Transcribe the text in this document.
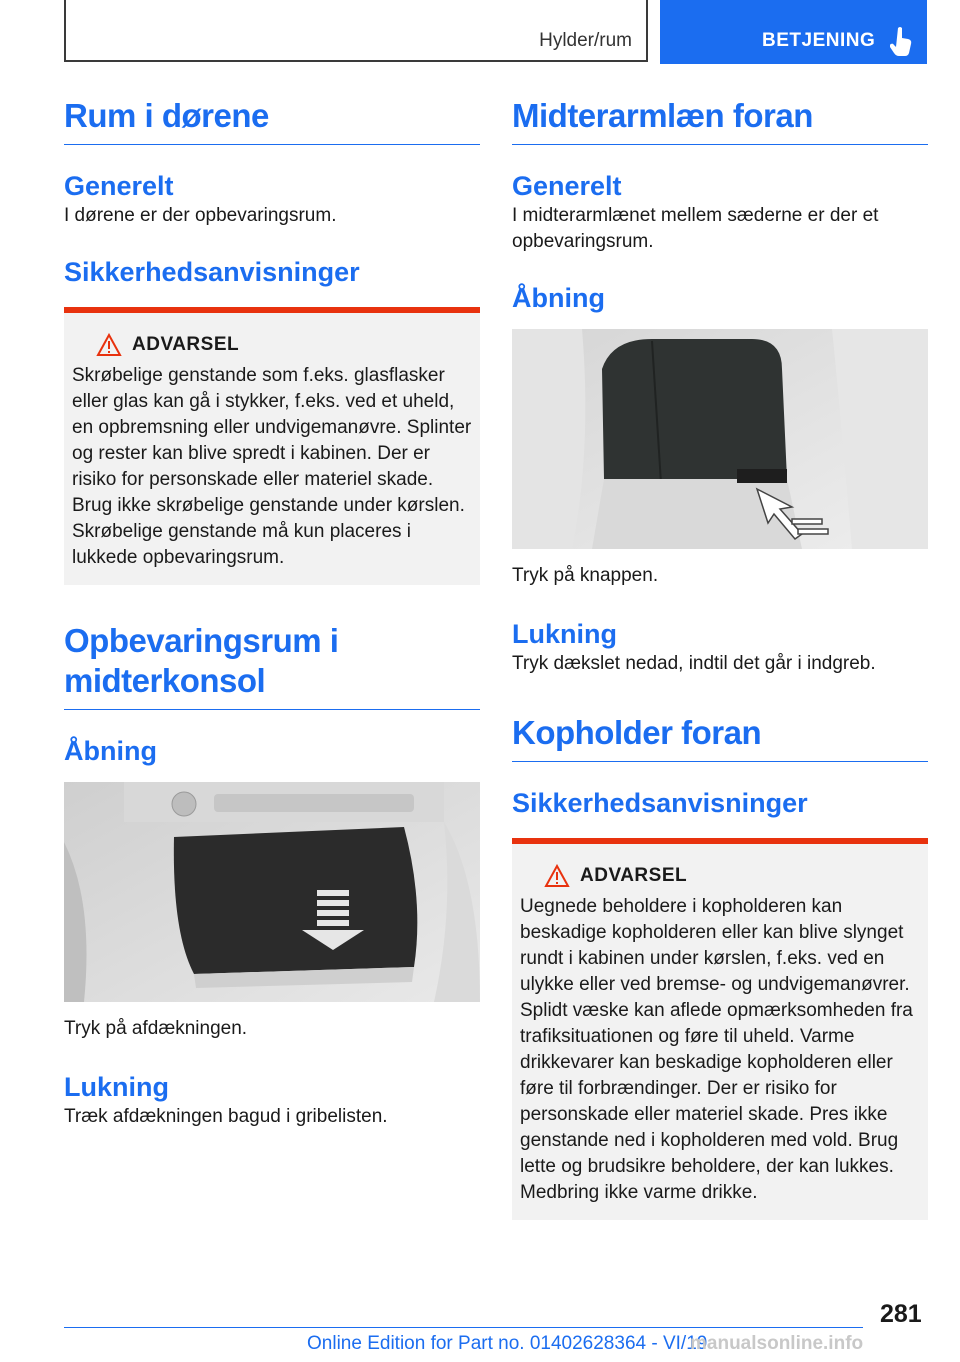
Hylder/rum	BETJENING
Rum i dørene
Generelt

I dørene er der opbevaringsrum.

Sikkerhedsanvisninger
ADVARSEL

Skrøbelige genstande som f.eks. glasflasker eller glas kan gå i stykker, f.eks. ved et uheld, en opbremsning eller undvigemanøvre. Splinter og rester kan blive spredt i kabinen. Der er risiko for personskade eller materiel skade. Brug ikke skrøbelige genstande under kørslen. Skrøbelige genstande må kun placeres i lukkede opbevaringsrum.

Opbevaringsrum i midterkonsol
Åbning

Tryk på afdækningen.

Lukning

Træk afdækningen bagud i gribelisten.

Midterarmlæn foran
Generelt

I midterarmlænet mellem sæderne er der et opbevaringsrum.

Åbning

Tryk på knappen.

Lukning

Tryk dækslet nedad, indtil det går i indgreb.

Kopholder foran
Sikkerhedsanvisninger
ADVARSEL

Uegnede beholdere i kopholderen kan beskadige kopholderen eller kan blive slynget rundt i kabinen under kørslen, f.eks. ved en ulykke eller ved bremse- og undvigemanøvrer. Splidt væske kan aflede opmærksomheden fra trafiksituationen og føre til uheld. Varme drikkevarer kan beskadige kopholderen eller føre til forbrændinger. Der er risiko for personskade eller materiel skade. Pres ikke genstande ned i kopholderen med vold. Brug lette og brudsikre beholdere, der kan lukkes. Medbring ikke varme drikke.

281
Online Edition for Part no. 01402628364 - VI/19
manualsonline.info
